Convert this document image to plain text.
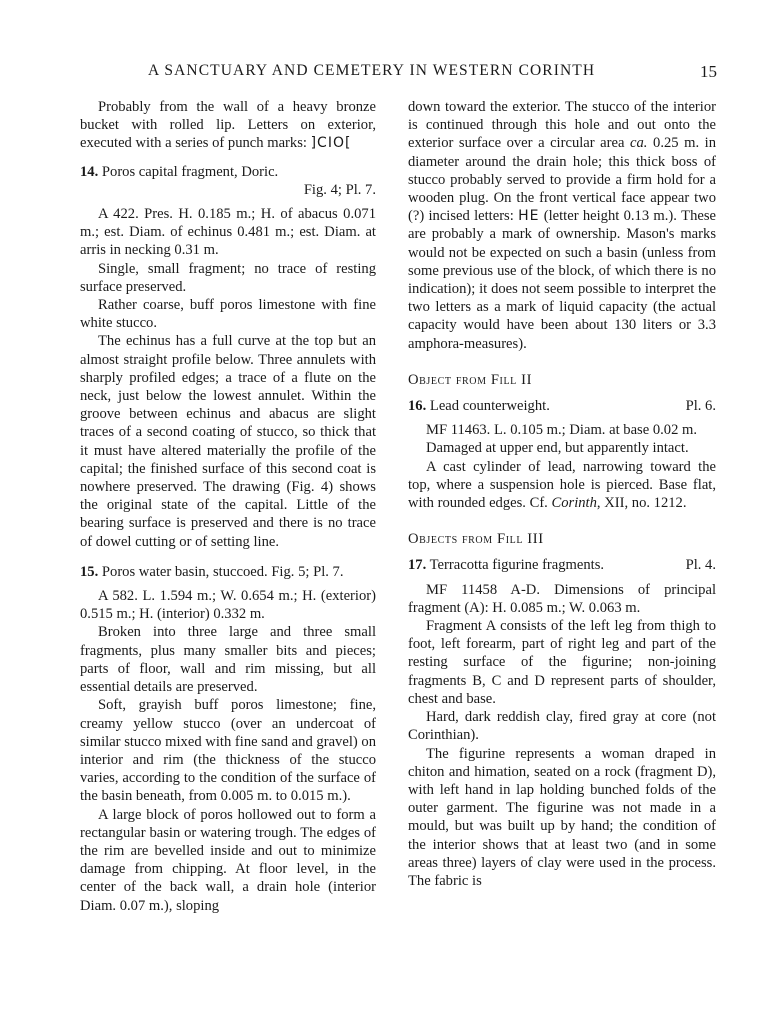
A SANCTUARY AND CEMETERY IN WESTERN CORINTH	15

Probably from the wall of a heavy bronze bucket with rolled lip. Letters on exterior, executed with a series of punch marks: ]ϹΙΟ[

14. Poros capital fragment, Doric.

Fig. 4; Pl. 7.

A 422. Pres. H. 0.185 m.; H. of abacus 0.071 m.; est. Diam. of echinus 0.481 m.; est. Diam. at arris in necking 0.31 m.

Single, small fragment; no trace of resting surface preserved.

Rather coarse, buff poros limestone with fine white stucco.

The echinus has a full curve at the top but an almost straight profile below. Three annulets with sharply profiled edges; a trace of a flute on the neck, just below the lowest annulet. Within the groove between echinus and abacus are slight traces of a second coating of stucco, so thick that it must have altered materially the profile of the capital; the finished surface of this second coat is nowhere preserved. The drawing (Fig. 4) shows the original state of the capital. Little of the bearing surface is preserved and there is no trace of dowel cutting or of setting line.

15. Poros water basin, stuccoed. Fig. 5; Pl. 7.

A 582. L. 1.594 m.; W. 0.654 m.; H. (exterior) 0.515 m.; H. (interior) 0.332 m.

Broken into three large and three small fragments, plus many smaller bits and pieces; parts of floor, wall and rim missing, but all essential details are preserved.

Soft, grayish buff poros limestone; fine, creamy yellow stucco (over an undercoat of similar stucco mixed with fine sand and gravel) on interior and rim (the thickness of the stucco varies, according to the condition of the surface of the basin beneath, from 0.005 m. to 0.015 m.).

A large block of poros hollowed out to form a rectangular basin or watering trough. The edges of the rim are bevelled inside and out to minimize damage from chipping. At floor level, in the center of the back wall, a drain hole (interior Diam. 0.07 m.), sloping

down toward the exterior. The stucco of the interior is continued through this hole and out onto the exterior surface over a circular area ca. 0.25 m. in diameter around the drain hole; this thick boss of stucco probably served to provide a firm hold for a wooden plug. On the front vertical face appear two (?) incised letters: ΗΕ (letter height 0.13 m.). These are probably a mark of ownership. Mason's marks would not be expected on such a basin (unless from some previous use of the block, of which there is no indication); it does not seem possible to interpret the two letters as a mark of liquid capacity (the actual capacity would have been about 130 liters or 3.3 amphora-measures).

Object from Fill II

16. Lead counterweight.	Pl. 6.

MF 11463. L. 0.105 m.; Diam. at base 0.02 m.

Damaged at upper end, but apparently intact.

A cast cylinder of lead, narrowing toward the top, where a suspension hole is pierced. Base flat, with rounded edges. Cf. Corinth, XII, no. 1212.

Objects from Fill III

17. Terracotta figurine fragments.	Pl. 4.

MF 11458 A-D. Dimensions of principal fragment (A): H. 0.085 m.; W. 0.063 m.

Fragment A consists of the left leg from thigh to foot, left forearm, part of right leg and part of the resting surface of the figurine; non-joining fragments B, C and D represent parts of shoulder, chest and base.

Hard, dark reddish clay, fired gray at core (not Corinthian).

The figurine represents a woman draped in chiton and himation, seated on a rock (fragment D), with left hand in lap holding bunched folds of the outer garment. The figurine was not made in a mould, but was built up by hand; the condition of the interior shows that at least two (and in some areas three) layers of clay were used in the process. The fabric is
